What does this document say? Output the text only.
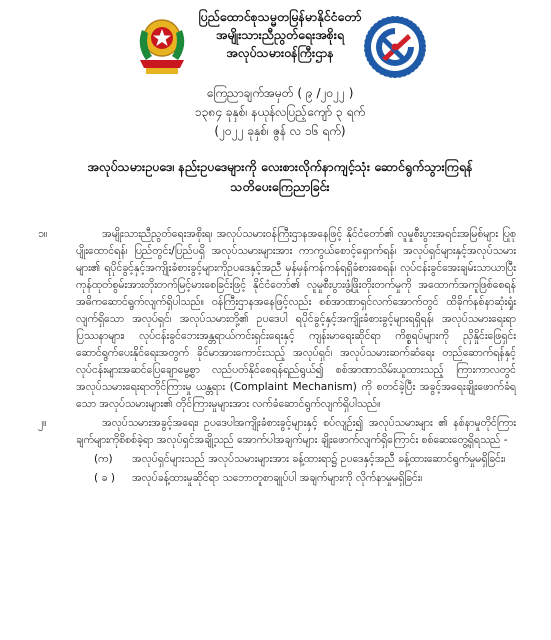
ပြည်ထောင်စုသမ္မတမြန်မာနိုင်ငံတော်
အမျိုးသားညီညွတ်ရေးအစိုးရ
အလုပ်သမားဝန်ကြီးဌာန
ကြေညာချက်အမှတ် ( ၉ /၂၀၂၂ )
၁၃၈၄ ခုနှစ်၊ နယုန်လပြည့်ကျော် ၃ ရက်
(၂၀၂၂ ခုနှစ်၊ ဇွန် လ ၁၆ ရက်)
အလုပ်သမားဥပဒေ၊ နည်းဥပဒေများကို လေးစားလိုက်နာကျင့်သုံး ဆောင်ရွက်သွားကြရန်
သတိပေးကြေညာခြင်း
၁။	အမျိုးသားညီညွတ်ရေးအစိုးရ၊ အလုပ်သမားဝန်ကြီးဌာနအနေဖြင့် နိုင်ငံတော်၏ လူမှုစီးပွားအရင်းအမြစ်များ ပြုစုပျိုးထောင်ရန်၊ ပြည်တွင်း/ပြည်ပရှိ အလုပ်သမားများအား ကာကွယ်စောင့်ရှောက်ရန်၊ အလုပ်ရှင်များနှင့်အလုပ်သမားများ၏ ရပိုင်ခွင့်နှင့်အကျိုးခံစားခွင့်များကိုဥပဒေနှင့်အညီ မှန်မှန်ကန်ကန်ရရှိခံစားစေရန်၊ လုပ်ငန်းခွင်အေးချမ်းသာယာပြီး ကုန်ထုတ်စွမ်းအားတိုးတက်မြင့်မားစေခြင်းဖြင့် နိုင်ငံတော်၏ လူမှုစီးပွားဖွံ့ဖြိုးတိုးတက်မှုကို အထောက်အကူဖြစ်စေရန် အဓိကဆောင်ရွက်လျက်ရှိပါသည်။ ဝန်ကြီးဌာနအနေဖြင့်လည်း စစ်အာဏာရှင်လက်အောက်တွင် ထိခိုက်နစ်နာဆုံးရှုံးလျက်ရှိသော အလုပ်ရှင်၊ အလုပ်သမားတို့၏ ဥပဒေပါ ရပိုင်ခွင့်နှင့်အကျိုးခံစားခွင့်များရရှိရန်၊ အလုပ်သမားရေးရာပြဿနာများ၊ လုပ်ငန်းခွင်ဘေးအန္တရာယ်ကင်းရှင်းရေးနှင့် ကျန်းမာရေးဆိုင်ရာ ကိစ္စရပ်များကို ညှိနှိုင်းဖြေရှင်း ဆောင်ရွက်ပေးနိုင်ရေးအတွက် ခိုင်မာအားကောင်းသည့် အလုပ်ရှင်၊ အလုပ်သမားဆက်ဆံရေး တည်ဆောက်ရန်နှင့် လုပ်ငန်းများအဆင်ပြေချောမွေ့စွာ လည်ပတ်နိုင်စေရန်ရည်ရွယ်၍ စစ်အာဏာသိမ်းယူထားသည့် ကြားကာလတွင် အလုပ်သမားရေးရာတိုင်ကြားမှု ယန္တရား (Complaint Mechanism) ကို စတင်ခဲ့ပြီး အခွင့်အရေးချိုးဖောက်ခံရသော အလုပ်သမားများ၏ တိုင်ကြားမှုများအား လက်ခံဆောင်ရွက်လျက်ရှိပါသည်။
၂။	အလုပ်သမားအခွင့်အရေး၊ ဥပဒေပါအကျိုးခံစားခွင့်များနှင့် စပ်လျဉ်း၍ အလုပ်သမားများ ၏ နစ်နာမှုတိုင်ကြားချက်များကိုစိစစ်ခဲ့ရာ အလုပ်ရှင်အချို့သည် အောက်ပါအချက်များ ချိုးဖောက်လျက်ရှိကြောင်း စစ်ဆေးတွေ့ရှိရသည် -
(က) အလုပ်ရှင်များသည် အလုပ်သမားများအား ခန့်ထားရာ၌ ဥပဒေနှင့်အညီ ခန့်ထားဆောင်ရွက်မှုမရှိခြင်း၊
( ခ ) အလုပ်ခန့်ထားမှုဆိုင်ရာ သဘောတူစာချုပ်ပါ အချက်များကို လိုက်နာမှုမရှိခြင်း၊
